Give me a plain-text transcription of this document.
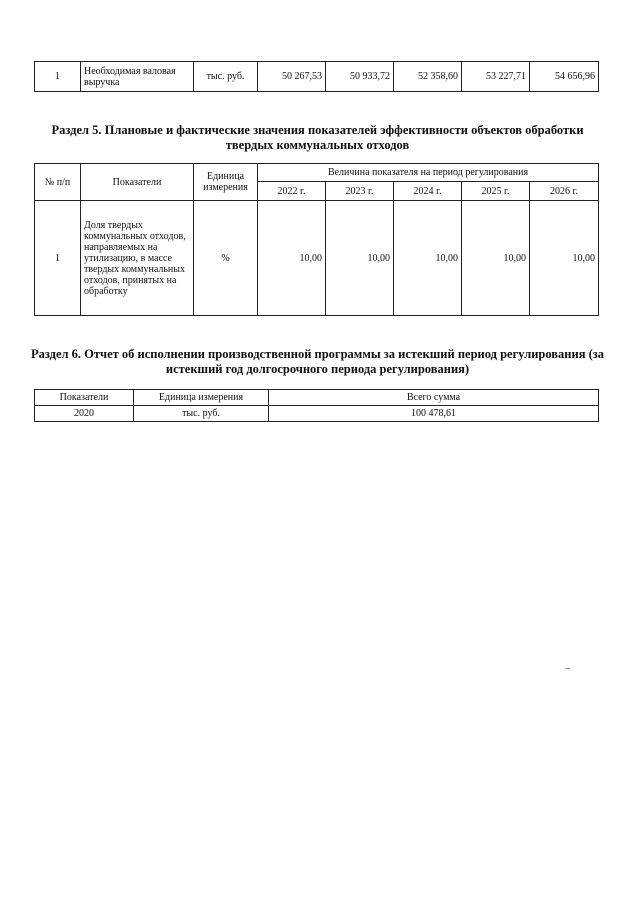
1	Необходимая валовая выручка	тыс. руб.	50 267,53	50 933,72	52 358,60	53 227,71	54 656,96
Раздел 5. Плановые и фактические значения показателей эффективности объектов обработки твердых коммунальных отходов
№ п/п	Показатели	Единица измерения	Величина показателя на период регулирования				
			2022 г.	2023 г.	2024 г.	2025 г.	2026 г.
1	Доля твердых коммунальных отходов, направляемых на утилизацию, в массе твердых коммунальных отходов, принятых на обработку	%	10,00	10,00	10,00	10,00	10,00
Раздел 6. Отчет об исполнении производственной программы за истекший период регулирования (за истекший год долгосрочного периода регулирования)
Показатели	Единица измерения	Всего сумма
2020	тыс. руб.	100 478,61
